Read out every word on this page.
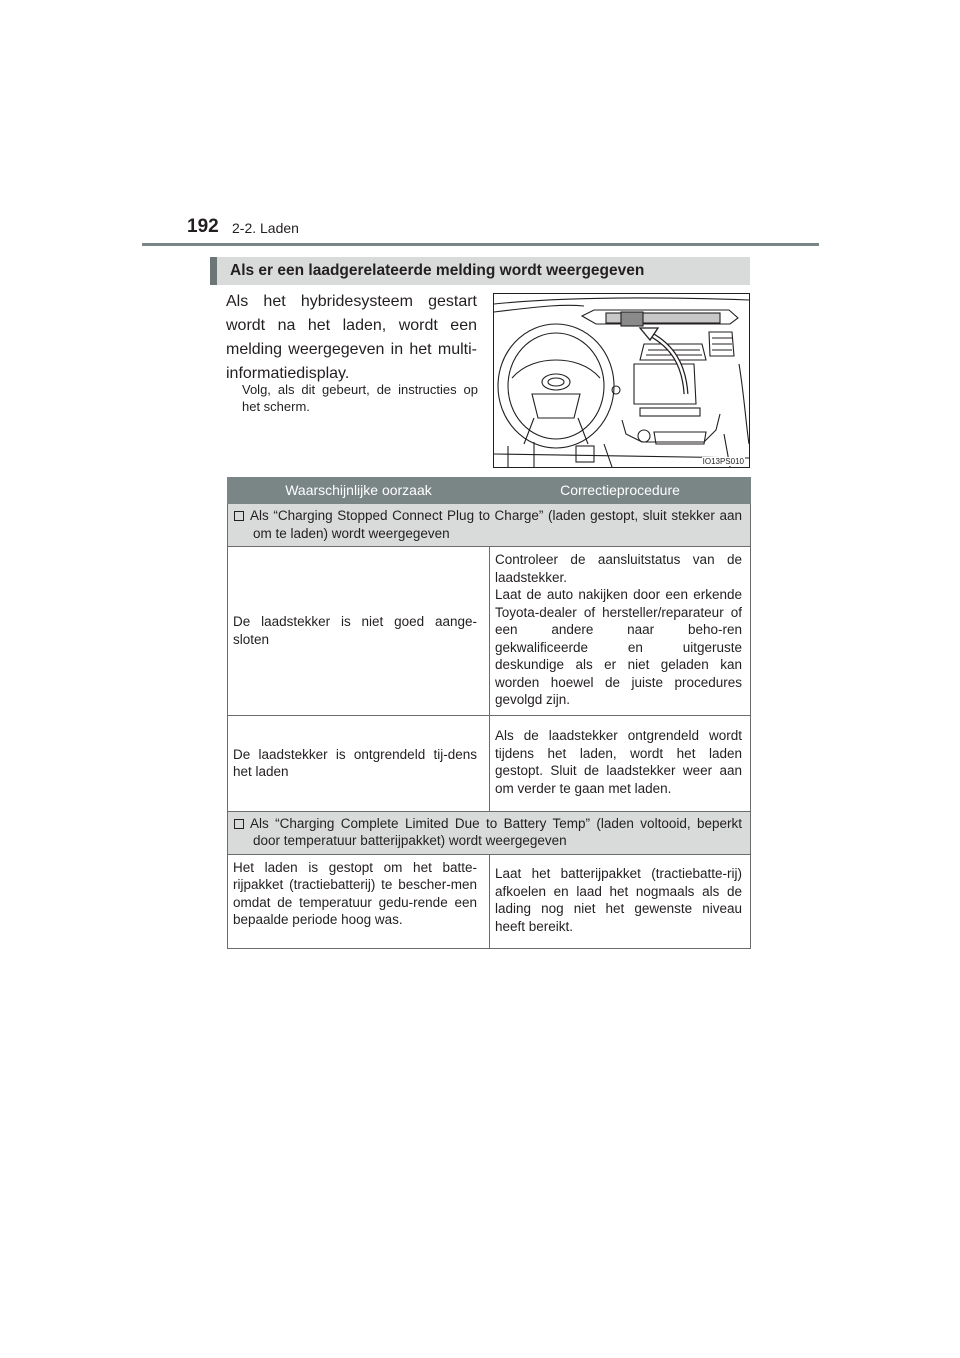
192 2-2. Laden
Als er een laadgerelateerde melding wordt weergegeven
Als het hybridesysteem gestart wordt na het laden, wordt een melding weergegeven in het multi-informatiedisplay.
Volg, als dit gebeurt, de instructies op het scherm.
IO13PS010
Waarschijnlijke oorzaak	Correctieprocedure

Als “Charging Stopped Connect Plug to Charge” (laden gestopt, sluit stekker aan om te laden) wordt weergegeven	

De laadstekker is niet goed aange-sloten	Controleer de aansluitstatus van de laadstekker.
Laat de auto nakijken door een erkende Toyota-dealer of hersteller/reparateur of een andere naar beho-ren gekwalificeerde en uitgeruste deskundige als er niet geladen kan worden hoewel de juiste procedures gevolgd zijn.

De laadstekker is ontgrendeld tij-dens het laden	Als de laadstekker ontgrendeld wordt tijdens het laden, wordt het laden gestopt. Sluit de laadstekker weer aan om verder te gaan met laden.

Als “Charging Complete Limited Due to Battery Temp” (laden voltooid, beperkt door temperatuur batterijpakket) wordt weergegeven	

Het laden is gestopt om het batte-rijpakket (tractiebatterij) te bescher-men omdat de temperatuur gedu-rende een bepaalde periode hoog was.	Laat het batterijpakket (tractiebatte-rij) afkoelen en laad het nogmaals als de lading nog niet het gewenste niveau heeft bereikt.
